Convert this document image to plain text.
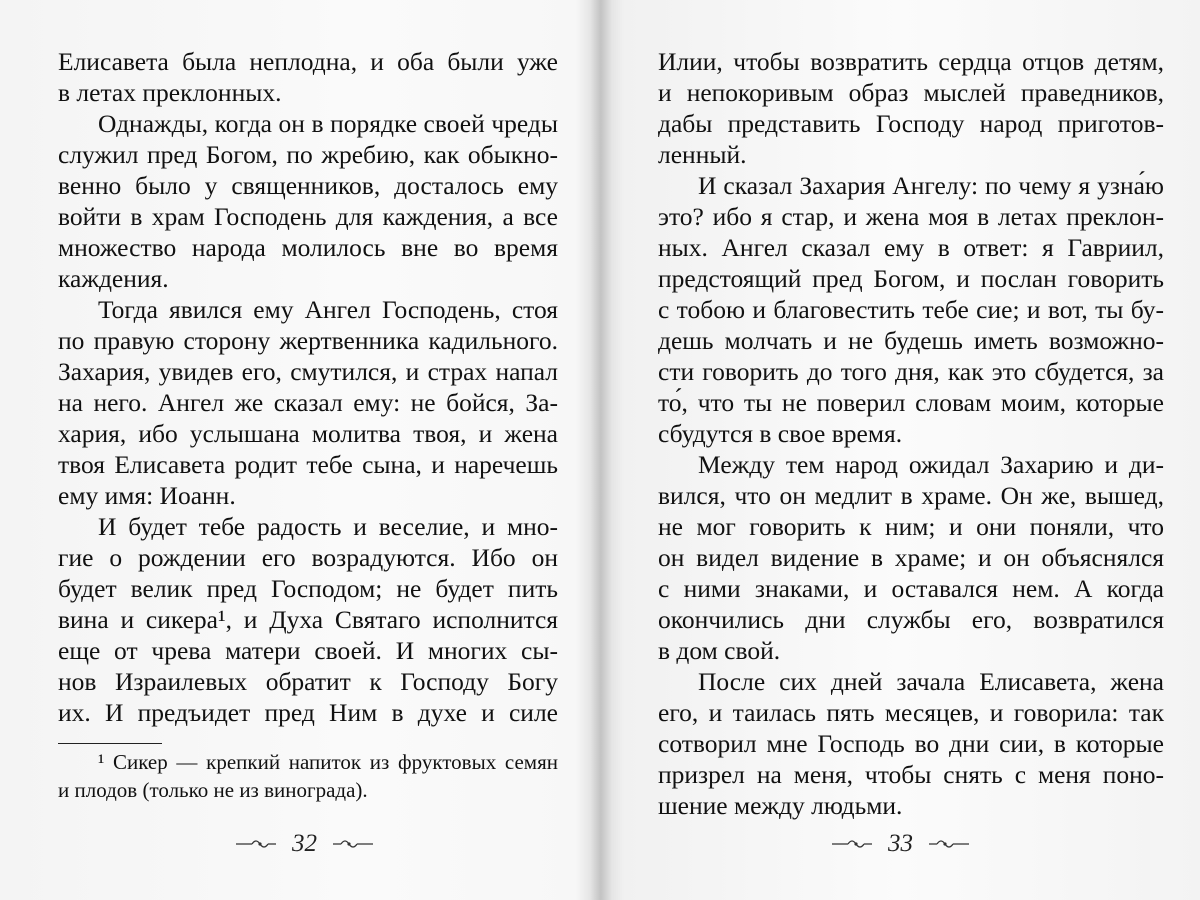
Елисавета была неплодна, и оба были уже
в летах преклонных.
Однажды, когда он в порядке своей чреды
служил пред Богом, по жребию, как обыкно-
венно было у священников, досталось ему
войти в храм Господень для каждения, а все
множество народа молилось вне во время
каждения.
Тогда явился ему Ангел Господень, стоя
по правую сторону жертвенника кадильного.
Захария, увидев его, смутился, и страх напал
на него. Ангел же сказал ему: не бойся, За-
хария, ибо услышана молитва твоя, и жена
твоя Елисавета родит тебе сына, и наречешь
ему имя: Иоанн.
И будет тебе радость и веселие, и мно-
гие о рождении его возрадуются. Ибо он
будет велик пред Господом; не будет пить
вина и сикера¹, и Духа Святаго исполнится
еще от чрева матери своей. И многих сы-
нов Израилевых обратит к Господу Богу
их. И предъидет пред Ним в духе и силе
¹ Сикер — крепкий напиток из фруктовых семян
и плодов (только не из винограда).
32
Илии, чтобы возвратить сердца отцов детям,
и непокоривым образ мыслей праведников,
дабы представить Господу народ приготов-
ленный.
И сказал Захария Ангелу: по чему я узна́ю
это? ибо я стар, и жена моя в летах преклон-
ных. Ангел сказал ему в ответ: я Гавриил,
предстоящий пред Богом, и послан говорить
с тобою и благовестить тебе сие; и вот, ты бу-
дешь молчать и не будешь иметь возможно-
сти говорить до того дня, как это сбудется, за
то́, что ты не поверил словам моим, которые
сбудутся в свое время.
Между тем народ ожидал Захарию и ди-
вился, что он медлит в храме. Он же, вышед,
не мог говорить к ним; и они поняли, что
он видел видение в храме; и он объяснялся
с ними знаками, и оставался нем. А когда
окончились дни службы его, возвратился
в дом свой.
После сих дней зачала Елисавета, жена
его, и таилась пять месяцев, и говорила: так
сотворил мне Господь во дни сии, в которые
призрел на меня, чтобы снять с меня поно-
шение между людьми.
33
